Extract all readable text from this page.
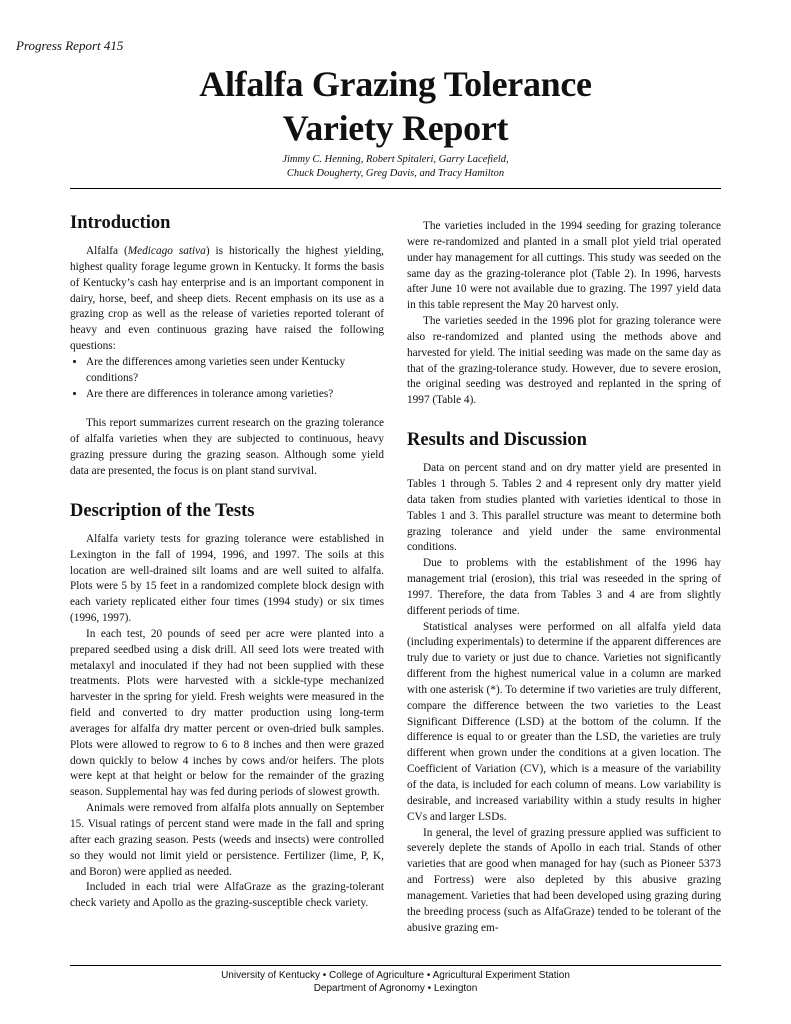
Progress Report 415

Alfalfa Grazing Tolerance
Variety Report
Jimmy C. Henning, Robert Spitaleri, Garry Lacefield,
Chuck Dougherty, Greg Davis, and Tracy Hamilton
Introduction

Alfalfa (Medicago sativa) is historically the highest yielding, highest quality forage legume grown in Kentucky. It forms the basis of Kentucky’s cash hay enterprise and is an important component in dairy, horse, beef, and sheep diets. Recent emphasis on its use as a grazing crop as well as the release of varieties reported tolerant of heavy and even continuous grazing have raised the following questions:

• Are the differences among varieties seen under Kentucky conditions?
• Are there are differences in tolerance among varieties?

This report summarizes current research on the grazing tolerance of alfalfa varieties when they are subjected to continuous, heavy grazing pressure during the grazing season. Although some yield data are presented, the focus is on plant stand survival.

Description of the Tests

Alfalfa variety tests for grazing tolerance were established in Lexington in the fall of 1994, 1996, and 1997. The soils at this location are well-drained silt loams and are well suited to alfalfa. Plots were 5 by 15 feet in a randomized complete block design with each variety replicated either four times (1994 study) or six times (1996, 1997).

In each test, 20 pounds of seed per acre were planted into a prepared seedbed using a disk drill. All seed lots were treated with metalaxyl and inoculated if they had not been supplied with these treatments. Plots were harvested with a sickle-type mechanized harvester in the spring for yield. Fresh weights were measured in the field and converted to dry matter production using long-term averages for alfalfa dry matter percent or oven-dried bulk samples. Plots were allowed to regrow to 6 to 8 inches and then were grazed down quickly to below 4 inches by cows and/or heifers. The plots were kept at that height or below for the remainder of the grazing season. Supplemental hay was fed during periods of slowest growth.

Animals were removed from alfalfa plots annually on September 15. Visual ratings of percent stand were made in the fall and spring after each grazing season. Pests (weeds and insects) were controlled so they would not limit yield or persistence. Fertilizer (lime, P, K, and Boron) were applied as needed.

Included in each trial were AlfaGraze as the grazing-tolerant check variety and Apollo as the grazing-susceptible check variety.

The varieties included in the 1994 seeding for grazing tolerance were re-randomized and planted in a small plot yield trial operated under hay management for all cuttings. This study was seeded on the same day as the grazing-tolerance plot (Table 2). In 1996, harvests after June 10 were not available due to grazing. The 1997 yield data in this table represent the May 20 harvest only.

The varieties seeded in the 1996 plot for grazing tolerance were also re-randomized and planted using the methods above and harvested for yield. The initial seeding was made on the same day as that of the grazing-tolerance study. However, due to severe erosion, the original seeding was destroyed and replanted in the spring of 1997 (Table 4).

Results and Discussion

Data on percent stand and on dry matter yield are presented in Tables 1 through 5. Tables 2 and 4 represent only dry matter yield data taken from studies planted with varieties identical to those in Tables 1 and 3. This parallel structure was meant to determine both grazing tolerance and yield under the same environmental conditions.

Due to problems with the establishment of the 1996 hay management trial (erosion), this trial was reseeded in the spring of 1997. Therefore, the data from Tables 3 and 4 are from slightly different periods of time.

Statistical analyses were performed on all alfalfa yield data (including experimentals) to determine if the apparent differences are truly due to variety or just due to chance. Varieties not significantly different from the highest numerical value in a column are marked with one asterisk (*). To determine if two varieties are truly different, compare the difference between the two varieties to the Least Significant Difference (LSD) at the bottom of the column. If the difference is equal to or greater than the LSD, the varieties are truly different when grown under the conditions at a given location. The Coefficient of Variation (CV), which is a measure of the variability of the data, is included for each column of means. Low variability is desirable, and increased variability within a study results in higher CVs and larger LSDs.

In general, the level of grazing pressure applied was sufficient to severely deplete the stands of Apollo in each trial. Stands of other varieties that are good when managed for hay (such as Pioneer 5373 and Fortress) were also depleted by this abusive grazing management. Varieties that had been developed using grazing during the breeding process (such as AlfaGraze) tended to be tolerant of the abusive grazing em-

University of Kentucky • College of Agriculture • Agricultural Experiment Station
Department of Agronomy • Lexington
